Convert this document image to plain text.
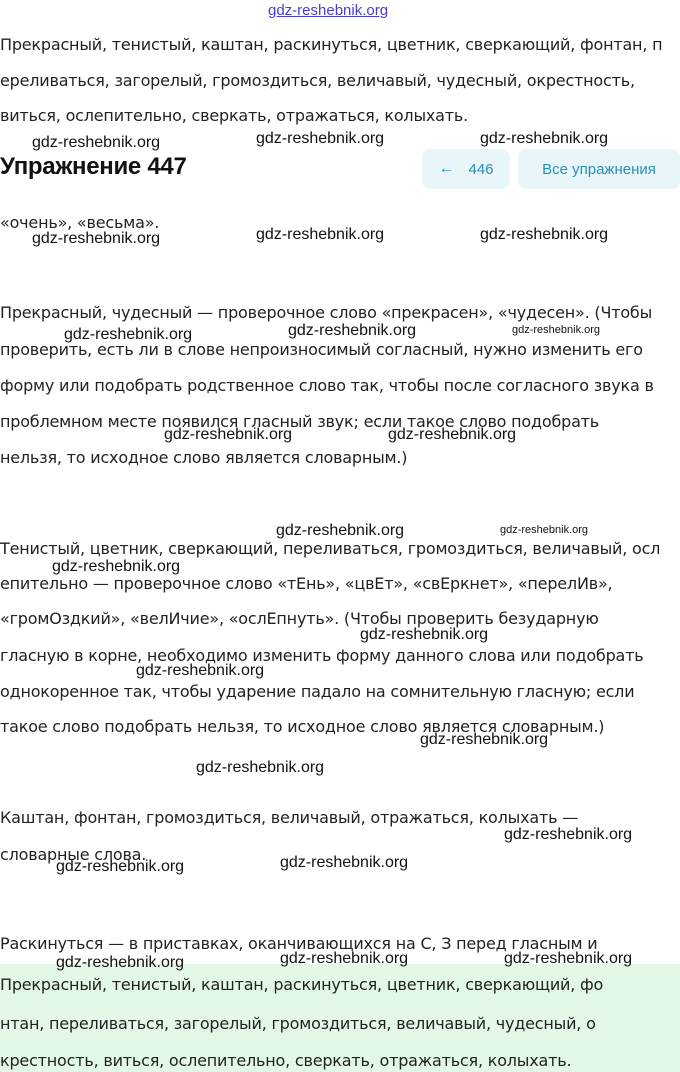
gdz-reshebnik.org
Прекрасный, тенистый, каштан, раскинуться, цветник, сверкающий, фонтан, п
ереливаться, загорелый, громоздиться, величавый, чудесный, окрестность,
виться, ослепительно, сверкать, отражаться, колыхать.
Упражнение 447	← 446	Все упражнения
«очень», «весьма».
Прекрасный, чудесный — проверочное слово «прекрасен», «чудесен». (Чтобы
проверить, есть ли в слове непроизносимый согласный, нужно изменить его
форму или подобрать родственное слово так, чтобы после согласного звука в
проблемном месте появился гласный звук; если такое слово подобрать
нельзя, то исходное слово является словарным.)
Тенистый, цветник, сверкающий, переливаться, громоздиться, величавый, осл
епительно — проверочное слово «тЕнь», «цвЕт», «свЕркнет», «перелИв»,
«громОздкий», «велИчие», «ослЕпнуть». (Чтобы проверить безударную
гласную в корне, необходимо изменить форму данного слова или подобрать
однокоренное так, чтобы ударение падало на сомнительную гласную; если
такое слово подобрать нельзя, то исходное слово является словарным.)
Каштан, фонтан, громоздиться, величавый, отражаться, колыхать —
словарные слова.
Раскинуться — в приставках, оканчивающихся на С, З перед гласным и
Прекрасный, тенистый, каштан, раскинуться, цветник, сверкающий, фо
нтан, переливаться, загорелый, громоздиться, величавый, чудесный, о
крестность, виться, ослепительно, сверкать, отражаться, колыхать.
gdz-reshebnik.org	gdz-reshebnik.org	gdz-reshebnik.org
gdz-reshebnik.org	gdz-reshebnik.org	gdz-reshebnik.org
gdz-reshebnik.org	gdz-reshebnik.org	gdz-reshebnik.org
gdz-reshebnik.org	gdz-reshebnik.org
gdz-reshebnik.org	gdz-reshebnik.org
gdz-reshebnik.org
gdz-reshebnik.org
gdz-reshebnik.org
gdz-reshebnik.org
gdz-reshebnik.org
gdz-reshebnik.org
gdz-reshebnik.org	gdz-reshebnik.org
gdz-reshebnik.org	gdz-reshebnik.org	gdz-reshebnik.org
